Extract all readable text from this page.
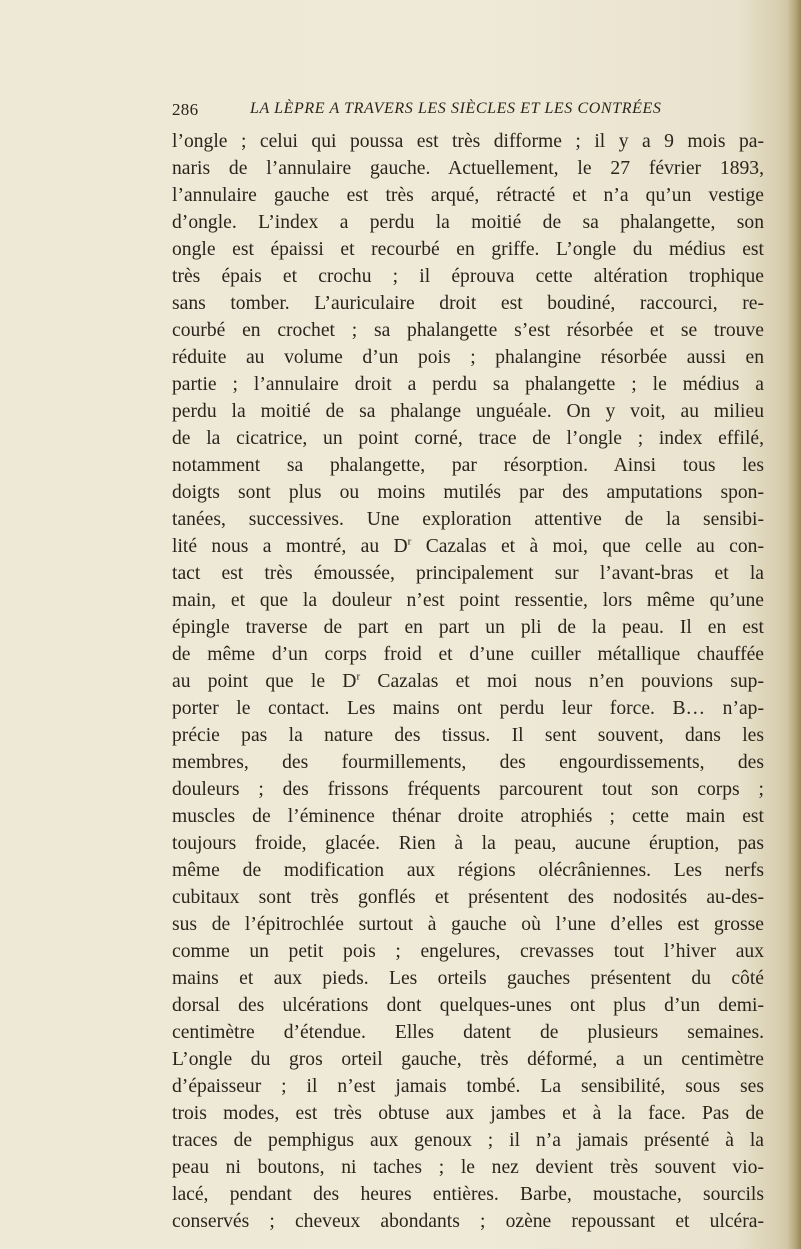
286	LA LÈPRE A TRAVERS LES SIÈCLES ET LES CONTRÉES
l’ongle ; celui qui poussa est très difforme ; il y a 9 mois pa-
naris de l’annulaire gauche. Actuellement, le 27 février 1893,
l’annulaire gauche est très arqué, rétracté et n’a qu’un vestige
d’ongle. L’index a perdu la moitié de sa phalangette, son
ongle est épaissi et recourbé en griffe. L’ongle du médius est
très épais et crochu ; il éprouva cette altération trophique
sans tomber. L’auriculaire droit est boudiné, raccourci, re-
courbé en crochet ; sa phalangette s’est résorbée et se trouve
réduite au volume d’un pois ; phalangine résorbée aussi en
partie ; l’annulaire droit a perdu sa phalangette ; le médius a
perdu la moitié de sa phalange unguéale. On y voit, au milieu
de la cicatrice, un point corné, trace de l’ongle ; index effilé,
notamment sa phalangette, par résorption. Ainsi tous les
doigts sont plus ou moins mutilés par des amputations spon-
tanées, successives. Une exploration attentive de la sensibi-
lité nous a montré, au $D^r$ Cazalas et à moi, que celle au con-
tact est très émoussée, principalement sur l’avant-bras et la
main, et que la douleur n’est point ressentie, lors même qu’une
épingle traverse de part en part un pli de la peau. Il en est
de même d’un corps froid et d’une cuiller métallique chauffée
au point que le $D^r$ Cazalas et moi nous n’en pouvions sup-
porter le contact. Les mains ont perdu leur force. B… n’ap-
précie pas la nature des tissus. Il sent souvent, dans les
membres, des fourmillements, des engourdissements, des
douleurs ; des frissons fréquents parcourent tout son corps ;
muscles de l’éminence thénar droite atrophiés ; cette main est
toujours froide, glacée. Rien à la peau, aucune éruption, pas
même de modification aux régions olécrâniennes. Les nerfs
cubitaux sont très gonflés et présentent des nodosités au-des-
sus de l’épitrochlée surtout à gauche où l’une d’elles est grosse
comme un petit pois ; engelures, crevasses tout l’hiver aux
mains et aux pieds. Les orteils gauches présentent du côté
dorsal des ulcérations dont quelques-unes ont plus d’un demi-
centimètre d’étendue. Elles datent de plusieurs semaines.
L’ongle du gros orteil gauche, très déformé, a un centimètre
d’épaisseur ; il n’est jamais tombé. La sensibilité, sous ses
trois modes, est très obtuse aux jambes et à la face. Pas de
traces de pemphigus aux genoux ; il n’a jamais présenté à la
peau ni boutons, ni taches ; le nez devient très souvent vio-
lacé, pendant des heures entières. Barbe, moustache, sourcils
conservés ; cheveux abondants ; ozène repoussant et ulcéra-
